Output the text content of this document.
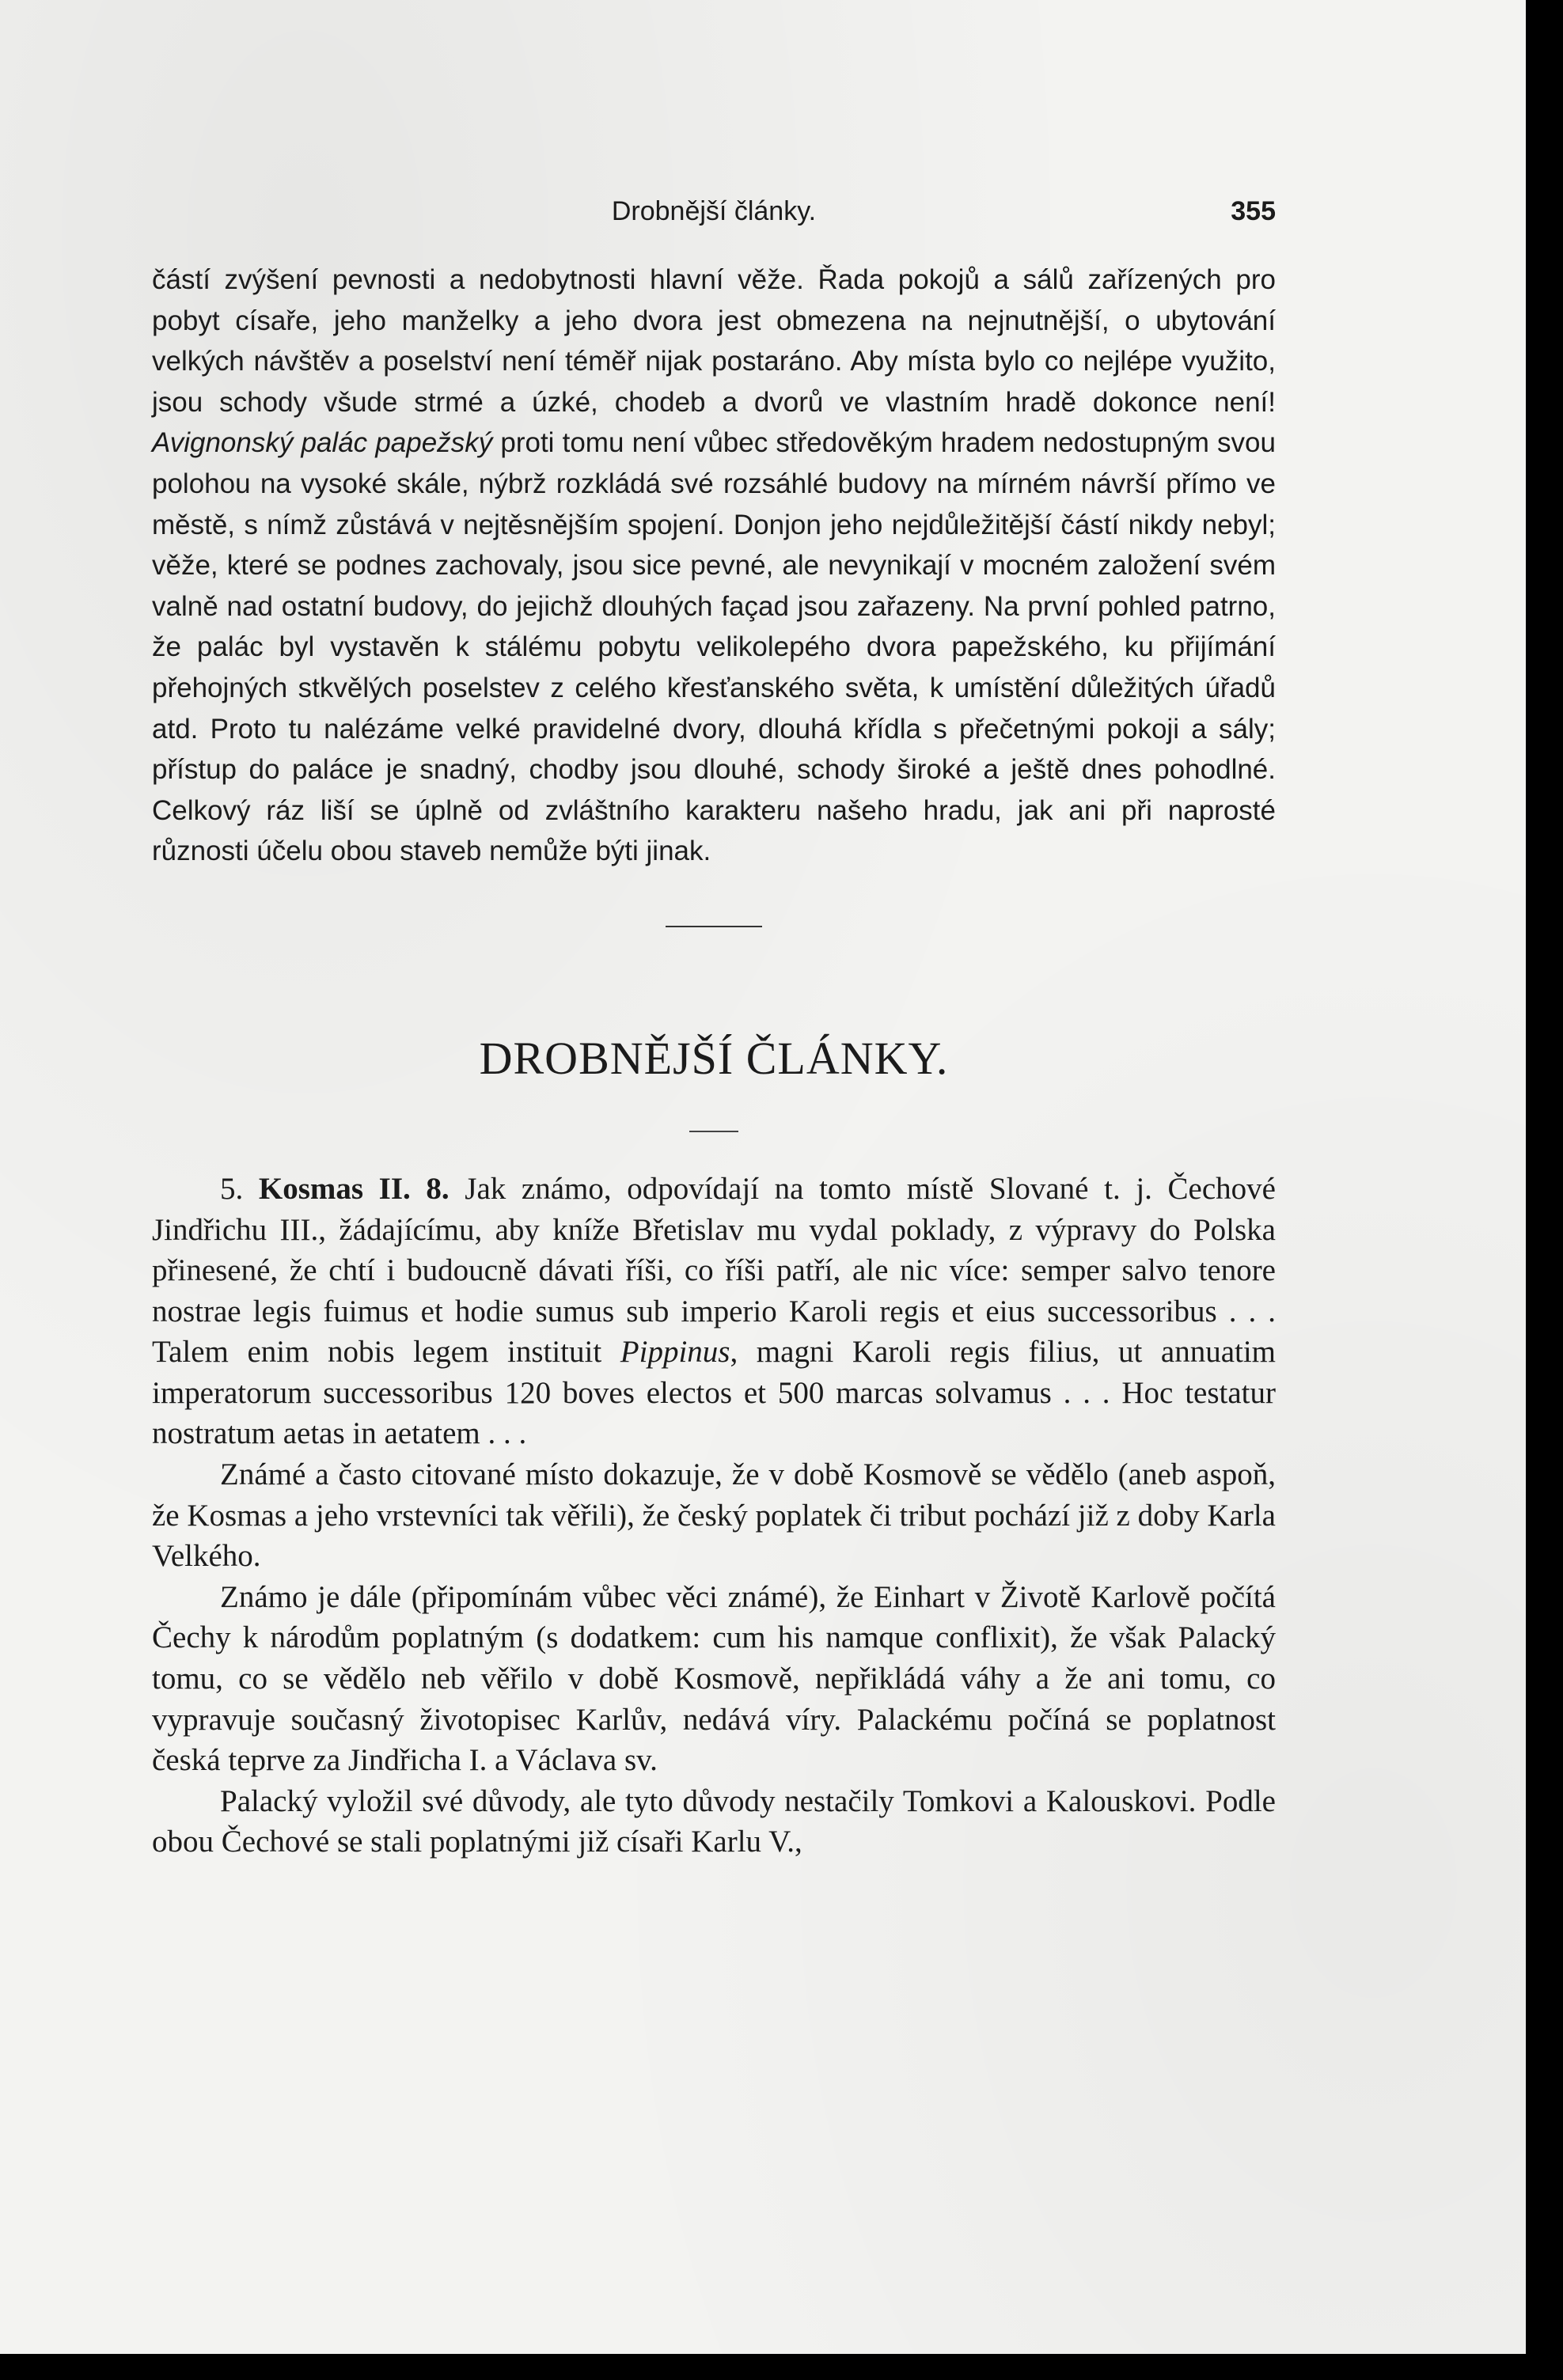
Drobnější články.	355

částí zvýšení pevnosti a nedobytnosti hlavní věže. Řada pokojů a sálů zařízených pro pobyt císaře, jeho manželky a jeho dvora jest obmezena na nejnutnější, o ubytování velkých návštěv a poselství není téměř nijak postaráno. Aby místa bylo co nejlépe využito, jsou schody všude strmé a úzké, chodeb a dvorů ve vlastním hradě dokonce není! Avignonský palác papežský proti tomu není vůbec středověkým hradem nedostupným svou polohou na vysoké skále, nýbrž rozkládá své rozsáhlé budovy na mírném návrší přímo ve městě, s nímž zůstává v nejtěsnějším spojení. Donjon jeho nejdůležitější částí nikdy nebyl; věže, které se podnes zachovaly, jsou sice pevné, ale nevynikají v mocném založení svém valně nad ostatní budovy, do jejichž dlouhých façad jsou zařazeny. Na první pohled patrno, že palác byl vystavěn k stálému pobytu velikolepého dvora papežského, ku přijímání přehojných stkvělých poselstev z celého křesťanského světa, k umístění důležitých úřadů atd. Proto tu nalézáme velké pravidelné dvory, dlouhá křídla s přečetnými pokoji a sály; přístup do paláce je snadný, chodby jsou dlouhé, schody široké a ještě dnes pohodlné. Celkový ráz liší se úplně od zvláštního karakteru našeho hradu, jak ani při naprosté různosti účelu obou staveb nemůže býti jinak.

DROBNĚJŠÍ ČLÁNKY.

5. Kosmas II. 8. Jak známo, odpovídají na tomto místě Slované t. j. Čechové Jindřichu III., žádajícímu, aby kníže Břetislav mu vydal poklady, z výpravy do Polska přinesené, že chtí i budoucně dávati říši, co říši patří, ale nic více: semper salvo tenore nostrae legis fuimus et hodie sumus sub imperio Karoli regis et eius successoribus . . . Talem enim nobis legem instituit Pippinus, magni Karoli regis filius, ut annuatim imperatorum successoribus 120 boves electos et 500 marcas solvamus . . . Hoc testatur nostratum aetas in aetatem . . .

Známé a často citované místo dokazuje, že v době Kosmově se vědělo (aneb aspoň, že Kosmas a jeho vrstevníci tak věřili), že český poplatek či tribut pochází již z doby Karla Velkého.

Známo je dále (připomínám vůbec věci známé), že Einhart v Životě Karlově počítá Čechy k národům poplatným (s dodatkem: cum his namque conflixit), že však Palacký tomu, co se vědělo neb věřilo v době Kosmově, nepřikládá váhy a že ani tomu, co vypravuje současný životopisec Karlův, nedává víry. Palackému počíná se poplatnost česká teprve za Jindřicha I. a Václava sv.

Palacký vyložil své důvody, ale tyto důvody nestačily Tomkovi a Kalouskovi. Podle obou Čechové se stali poplatnými již císaři Karlu V.,
